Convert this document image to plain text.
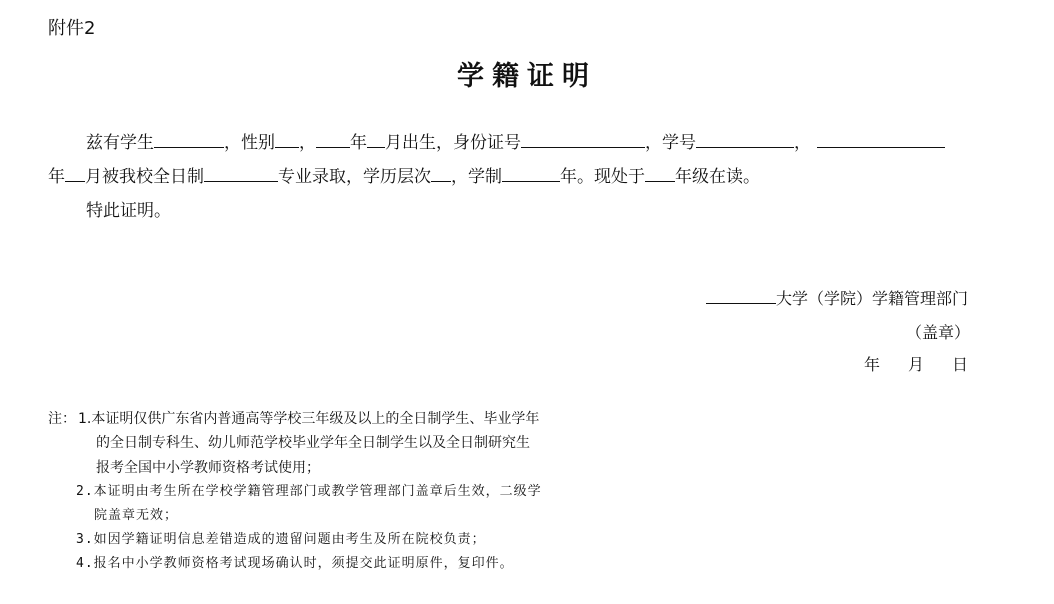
附件2
学籍证明
兹有学生	，性别 ， 年 月出生，身份证号	，学号	，
年 月被我校全日制	专业录取，学历层次 ，学制	年。现处于 年级在读。
特此证明。
大学（学院）学籍管理部门
（盖章）
年 月 日
注： 1.本证明仅供广东省内普通高等学校三年级及以上的全日制学生、毕业学年
的全日制专科生、幼儿师范学校毕业学年全日制学生以及全日制研究生
报考全国中小学教师资格考试使用；
2.本证明由考生所在学校学籍管理部门或教学管理部门盖章后生效，二级学
院盖章无效；
3.如因学籍证明信息差错造成的遗留问题由考生及所在院校负责；
4.报名中小学教师资格考试现场确认时，须提交此证明原件，复印件。
